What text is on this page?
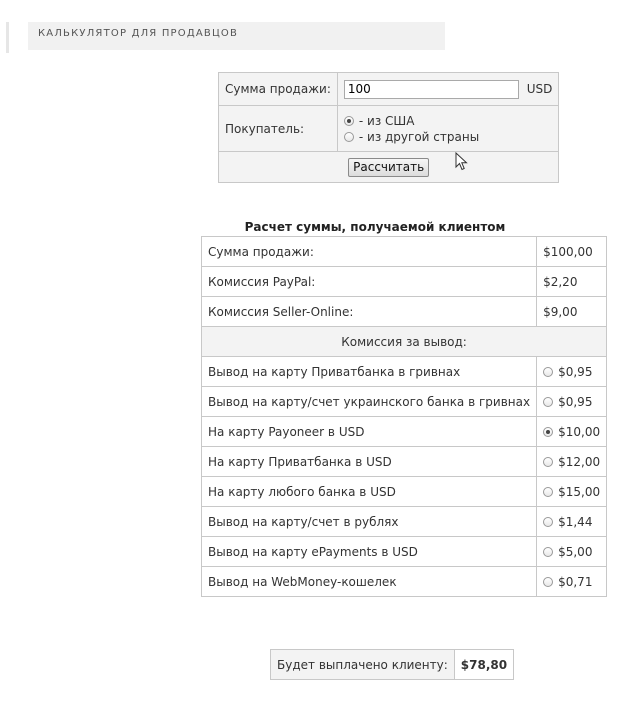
КАЛЬКУЛЯТОР ДЛЯ ПРОДАВЦОВ
Сумма продажи:	100USD
Покупатель:	- из США
- из другой страны

Рассчитать	
Расчет суммы, получаемой клиентом
Сумма продажи:	$100,00
Комиссия PayPal:	$2,20
Комиссия Seller-Online:	$9,00
Комиссия за вывод:	
Вывод на карту Приватбанка в гривнах	$0,95

Вывод на карту/счет украинского банка в гривнах	$0,95

На карту Payoneer в USD	$10,00

На карту Приватбанка в USD	$12,00

На карту любого банка в USD	$15,00

Вывод на карту/счет в рублях	$1,44

Вывод на карту ePayments в USD	$5,00

Вывод на WebMoney-кошелек	$0,71
Будет выплачено клиенту:	$78,80
